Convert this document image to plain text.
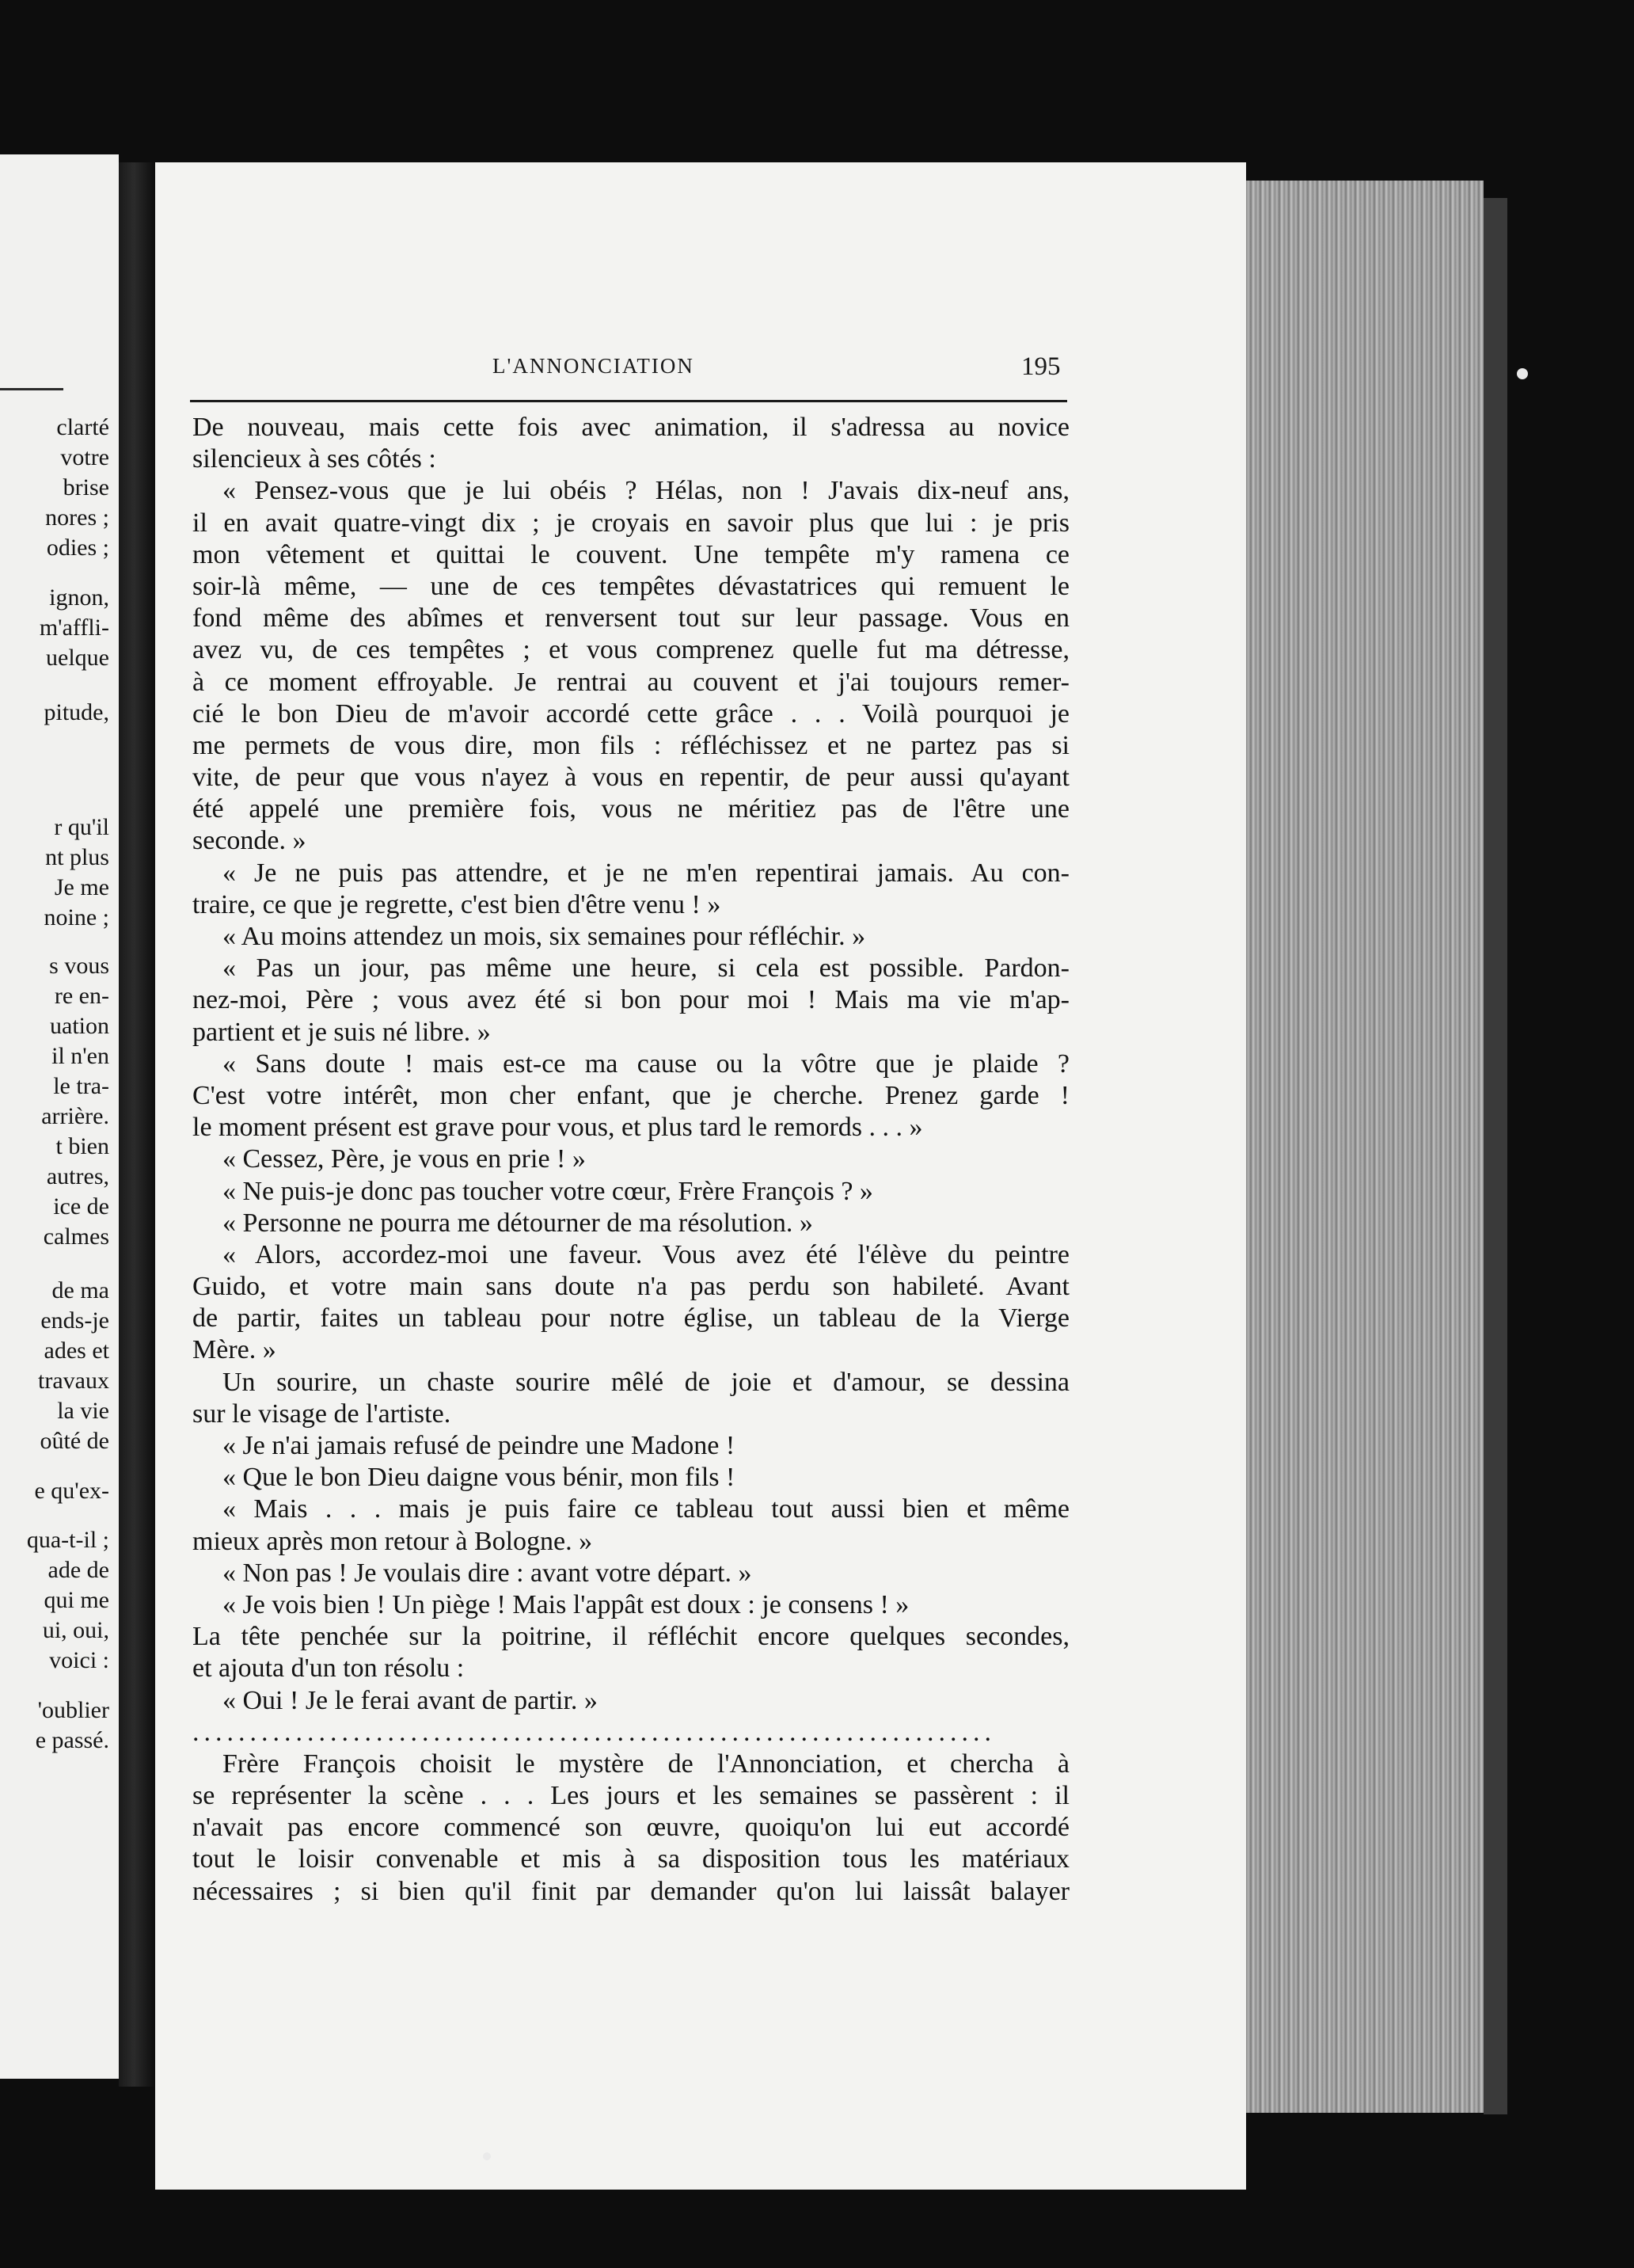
clarté
votre
brise
nores ;
odies ;
ignon,
m'affli-
uelque
pitude,
r qu'il
nt plus
Je me
noine ;
s vous
re en-
uation
il n'en
le tra-
arrière.
t bien
autres,
ice de
calmes
de ma
ends-je
ades et
travaux
la vie
oûté de
e qu'ex-
qua-t-il ;
ade de
qui me
ui, oui,
voici :
'oublier
e passé.
L'ANNONCIATION	195
De nouveau, mais cette fois avec animation, il s'adressa au novice
silencieux à ses côtés :
« Pensez-vous que je lui obéis ? Hélas, non ! J'avais dix-neuf ans,
il en avait quatre-vingt dix ; je croyais en savoir plus que lui : je pris
mon vêtement et quittai le couvent. Une tempête m'y ramena ce
soir-là même, — une de ces tempêtes dévastatrices qui remuent le
fond même des abîmes et renversent tout sur leur passage. Vous en
avez vu, de ces tempêtes ; et vous comprenez quelle fut ma détresse,
à ce moment effroyable. Je rentrai au couvent et j'ai toujours remer-
cié le bon Dieu de m'avoir accordé cette grâce . . . Voilà pourquoi je
me permets de vous dire, mon fils : réfléchissez et ne partez pas si
vite, de peur que vous n'ayez à vous en repentir, de peur aussi qu'ayant
été appelé une première fois, vous ne méritiez pas de l'être une
seconde. »
« Je ne puis pas attendre, et je ne m'en repentirai jamais. Au con-
traire, ce que je regrette, c'est bien d'être venu ! »
« Au moins attendez un mois, six semaines pour réfléchir. »
« Pas un jour, pas même une heure, si cela est possible. Pardon-
nez-moi, Père ; vous avez été si bon pour moi ! Mais ma vie m'ap-
partient et je suis né libre. »
« Sans doute ! mais est-ce ma cause ou la vôtre que je plaide ?
C'est votre intérêt, mon cher enfant, que je cherche. Prenez garde !
le moment présent est grave pour vous, et plus tard le remords . . . »
« Cessez, Père, je vous en prie ! »
« Ne puis-je donc pas toucher votre cœur, Frère François ? »
« Personne ne pourra me détourner de ma résolution. »
« Alors, accordez-moi une faveur. Vous avez été l'élève du peintre
Guido, et votre main sans doute n'a pas perdu son habileté. Avant
de partir, faites un tableau pour notre église, un tableau de la Vierge
Mère. »
Un sourire, un chaste sourire mêlé de joie et d'amour, se dessina
sur le visage de l'artiste.
« Je n'ai jamais refusé de peindre une Madone !
« Que le bon Dieu daigne vous bénir, mon fils !
« Mais . . . mais je puis faire ce tableau tout aussi bien et même
mieux après mon retour à Bologne. »
« Non pas ! Je voulais dire : avant votre départ. »
« Je vois bien ! Un piège ! Mais l'appât est doux : je consens ! »
La tête penchée sur la poitrine, il réfléchit encore quelques secondes,
et ajouta d'un ton résolu :
« Oui ! Je le ferai avant de partir. »
......................................................................
Frère François choisit le mystère de l'Annonciation, et chercha à
se représenter la scène . . . Les jours et les semaines se passèrent : il
n'avait pas encore commencé son œuvre, quoiqu'on lui eut accordé
tout le loisir convenable et mis à sa disposition tous les matériaux
nécessaires ; si bien qu'il finit par demander qu'on lui laissât balayer
